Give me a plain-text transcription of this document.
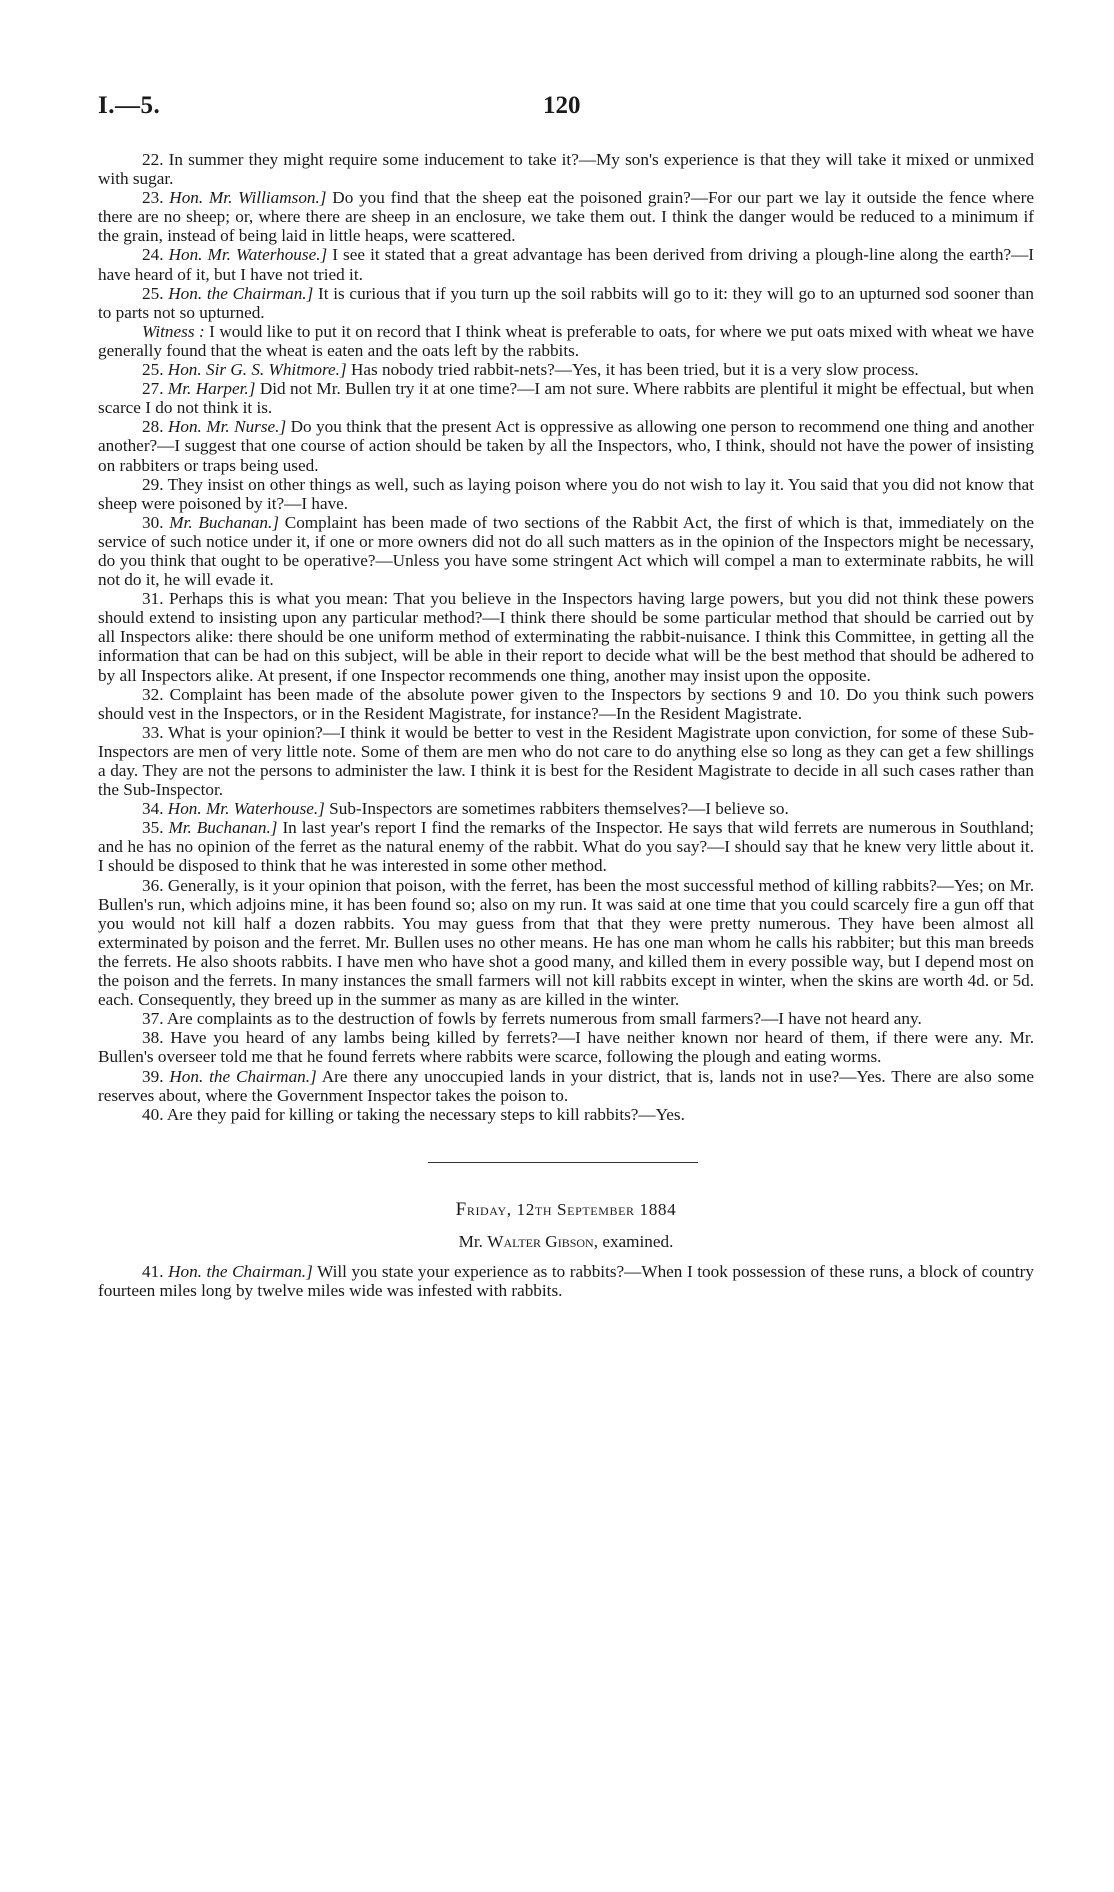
I.—5.	120

22. In summer they might require some inducement to take it?—My son's experience is that they will take it mixed or unmixed with sugar.

23. Hon. Mr. Williamson.] Do you find that the sheep eat the poisoned grain?—For our part we lay it outside the fence where there are no sheep; or, where there are sheep in an enclosure, we take them out. I think the danger would be reduced to a minimum if the grain, instead of being laid in little heaps, were scattered.

24. Hon. Mr. Waterhouse.] I see it stated that a great advantage has been derived from driving a plough-line along the earth?—I have heard of it, but I have not tried it.

25. Hon. the Chairman.] It is curious that if you turn up the soil rabbits will go to it: they will go to an upturned sod sooner than to parts not so upturned.

Witness : I would like to put it on record that I think wheat is preferable to oats, for where we put oats mixed with wheat we have generally found that the wheat is eaten and the oats left by the rabbits.

25. Hon. Sir G. S. Whitmore.] Has nobody tried rabbit-nets?—Yes, it has been tried, but it is a very slow process.

27. Mr. Harper.] Did not Mr. Bullen try it at one time?—I am not sure. Where rabbits are plentiful it might be effectual, but when scarce I do not think it is.

28. Hon. Mr. Nurse.] Do you think that the present Act is oppressive as allowing one person to recommend one thing and another another?—I suggest that one course of action should be taken by all the Inspectors, who, I think, should not have the power of insisting on rabbiters or traps being used.

29. They insist on other things as well, such as laying poison where you do not wish to lay it. You said that you did not know that sheep were poisoned by it?—I have.

30. Mr. Buchanan.] Complaint has been made of two sections of the Rabbit Act, the first of which is that, immediately on the service of such notice under it, if one or more owners did not do all such matters as in the opinion of the Inspectors might be necessary, do you think that ought to be operative?—Unless you have some stringent Act which will compel a man to exterminate rabbits, he will not do it, he will evade it.

31. Perhaps this is what you mean: That you believe in the Inspectors having large powers, but you did not think these powers should extend to insisting upon any particular method?—I think there should be some particular method that should be carried out by all Inspectors alike: there should be one uniform method of exterminating the rabbit-nuisance. I think this Committee, in getting all the information that can be had on this subject, will be able in their report to decide what will be the best method that should be adhered to by all Inspectors alike. At present, if one Inspector recommends one thing, another may insist upon the opposite.

32. Complaint has been made of the absolute power given to the Inspectors by sections 9 and 10. Do you think such powers should vest in the Inspectors, or in the Resident Magistrate, for instance?—In the Resident Magistrate.

33. What is your opinion?—I think it would be better to vest in the Resident Magistrate upon conviction, for some of these Sub-Inspectors are men of very little note. Some of them are men who do not care to do anything else so long as they can get a few shillings a day. They are not the persons to administer the law. I think it is best for the Resident Magistrate to decide in all such cases rather than the Sub-Inspector.

34. Hon. Mr. Waterhouse.] Sub-Inspectors are sometimes rabbiters themselves?—I believe so.

35. Mr. Buchanan.] In last year's report I find the remarks of the Inspector. He says that wild ferrets are numerous in Southland; and he has no opinion of the ferret as the natural enemy of the rabbit. What do you say?—I should say that he knew very little about it. I should be disposed to think that he was interested in some other method.

36. Generally, is it your opinion that poison, with the ferret, has been the most successful method of killing rabbits?—Yes; on Mr. Bullen's run, which adjoins mine, it has been found so; also on my run. It was said at one time that you could scarcely fire a gun off that you would not kill half a dozen rabbits. You may guess from that that they were pretty numerous. They have been almost all exterminated by poison and the ferret. Mr. Bullen uses no other means. He has one man whom he calls his rabbiter; but this man breeds the ferrets. He also shoots rabbits. I have men who have shot a good many, and killed them in every possible way, but I depend most on the poison and the ferrets. In many instances the small farmers will not kill rabbits except in winter, when the skins are worth 4d. or 5d. each. Consequently, they breed up in the summer as many as are killed in the winter.

37. Are complaints as to the destruction of fowls by ferrets numerous from small farmers?—I have not heard any.

38. Have you heard of any lambs being killed by ferrets?—I have neither known nor heard of them, if there were any. Mr. Bullen's overseer told me that he found ferrets where rabbits were scarce, following the plough and eating worms.

39. Hon. the Chairman.] Are there any unoccupied lands in your district, that is, lands not in use?—Yes. There are also some reserves about, where the Government Inspector takes the poison to.

40. Are they paid for killing or taking the necessary steps to kill rabbits?—Yes.

Friday, 12th September 1884

Mr. Walter Gibson, examined.

41. Hon. the Chairman.] Will you state your experience as to rabbits?—When I took possession of these runs, a block of country fourteen miles long by twelve miles wide was infested with rabbits.
